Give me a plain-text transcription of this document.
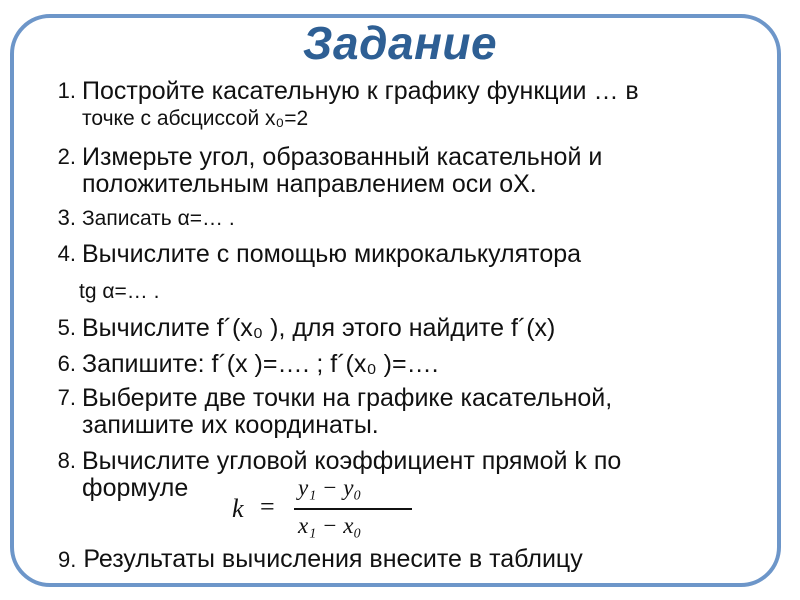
Задание
1. Постройте касательную к графику функции … в
точке с абсциссой x₀=2
2. Измерьте угол, образованный касательной и
положительным направлением оси оХ.
3. Записать α=… .
4. Вычислите с помощью микрокалькулятора
tg α=… .
5. Вычислите f´(x₀ ), для этого найдите f´(x)
6. Запишите: f´(x )=…. ; f´(x₀ )=….
7. Выберите две точки на графике касательной,
запишите их координаты.
8. Вычислите угловой коэффициент прямой k по
формуле
k =
y₁ − y₀
x₁ − x₀
9. Результаты вычисления внесите в таблицу
